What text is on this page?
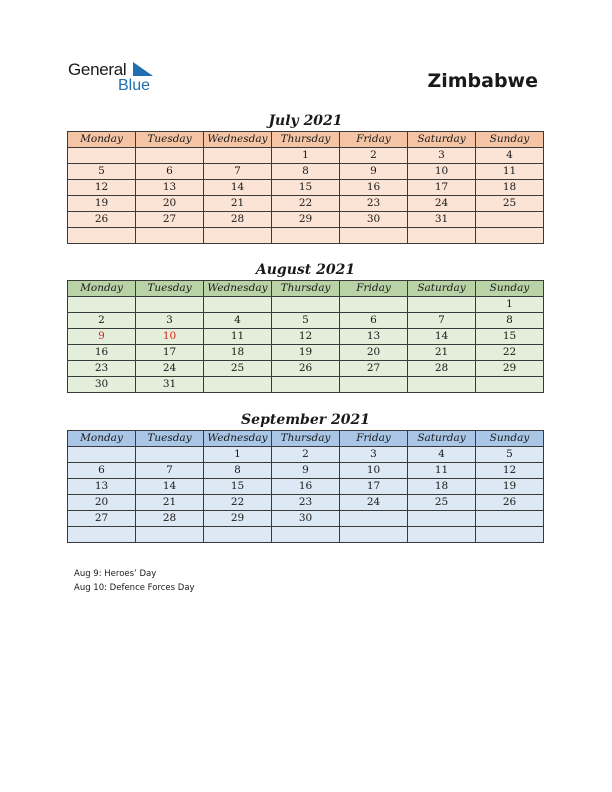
General
Blue	Zimbabwe
July 2021
Monday	Tuesday	Wednesday	Thursday	Friday	Saturday	Sunday
			1	2	3	4
5	6	7	8	9	10	11
12	13	14	15	16	17	18
19	20	21	22	23	24	25
26	27	28	29	30	31	

August 2021
Monday	Tuesday	Wednesday	Thursday	Friday	Saturday	Sunday
						1
2	3	4	5	6	7	8
9	10	11	12	13	14	15
16	17	18	19	20	21	22
23	24	25	26	27	28	29
30	31					
September 2021
Monday	Tuesday	Wednesday	Thursday	Friday	Saturday	Sunday
		1	2	3	4	5
6	7	8	9	10	11	12
13	14	15	16	17	18	19
20	21	22	23	24	25	26
27	28	29	30			

Aug 9: Heroes’ Day
Aug 10: Defence Forces Day
